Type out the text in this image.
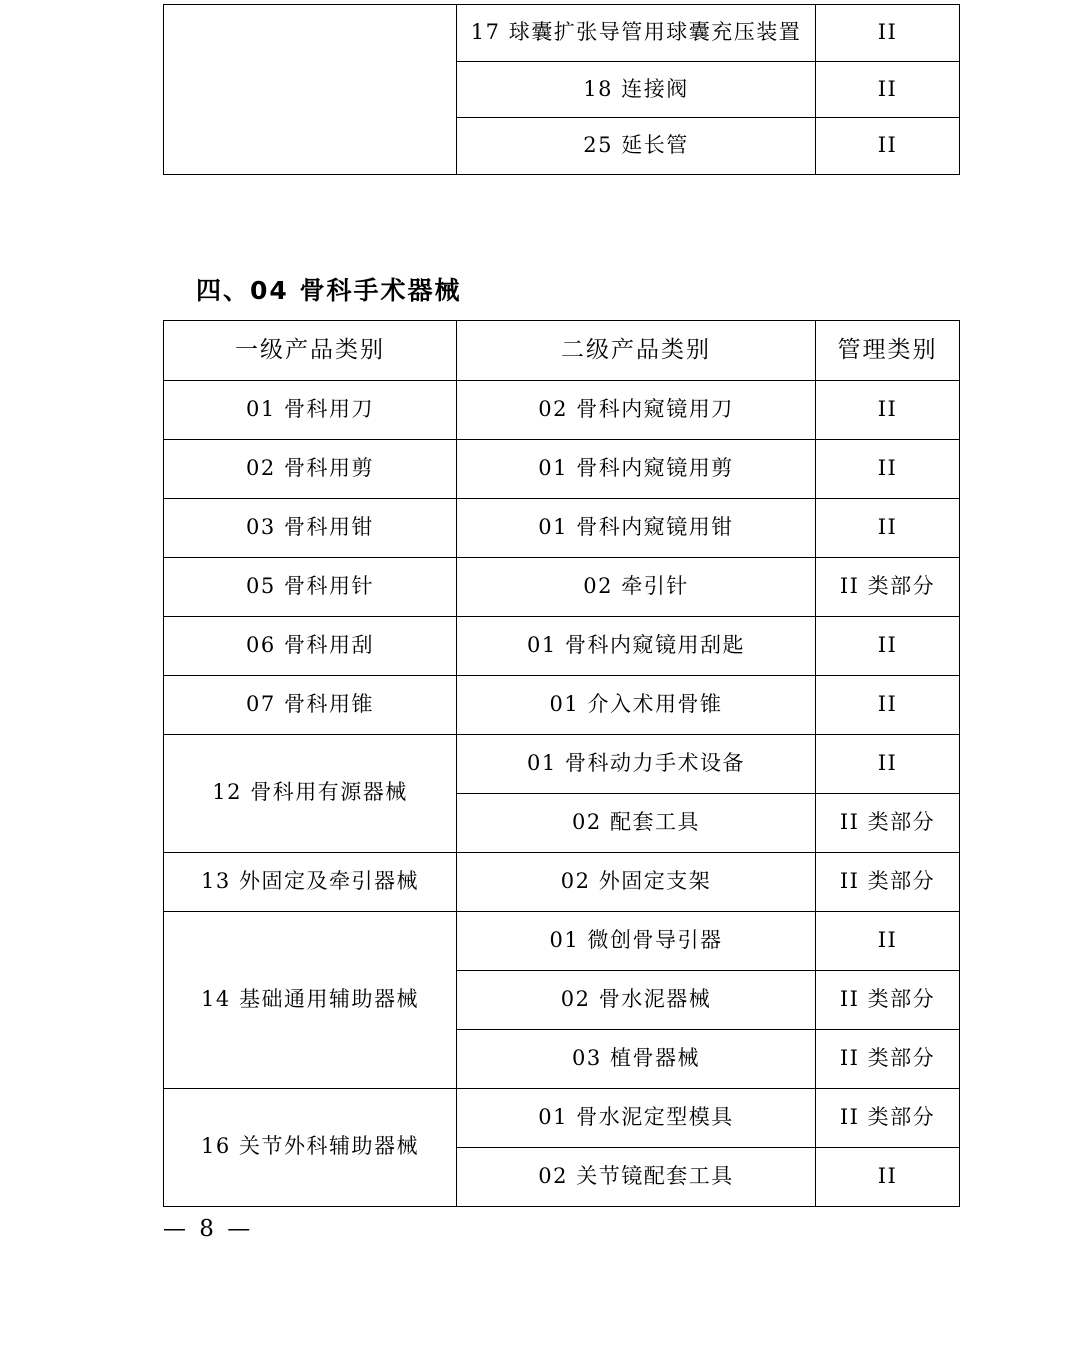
	17 球囊扩张导管用球囊充压装置	II
	18 连接阀	II
	25 延长管	II
四、04 骨科手术器械
一级产品类别	二级产品类别	管理类别
01 骨科用刀	02 骨科内窥镜用刀	II
02 骨科用剪	01 骨科内窥镜用剪	II
03 骨科用钳	01 骨科内窥镜用钳	II
05 骨科用针	02 牵引针	II 类部分
06 骨科用刮	01 骨科内窥镜用刮匙	II
07 骨科用锥	01 介入术用骨锥	II
12 骨科用有源器械	01 骨科动力手术设备	II
	02 配套工具	II 类部分
13 外固定及牵引器械	02 外固定支架	II 类部分
14 基础通用辅助器械	01 微创骨导引器	II
	02 骨水泥器械	II 类部分
	03 植骨器械	II 类部分
16 关节外科辅助器械	01 骨水泥定型模具	II 类部分
	02 关节镜配套工具	II
— 8 —
